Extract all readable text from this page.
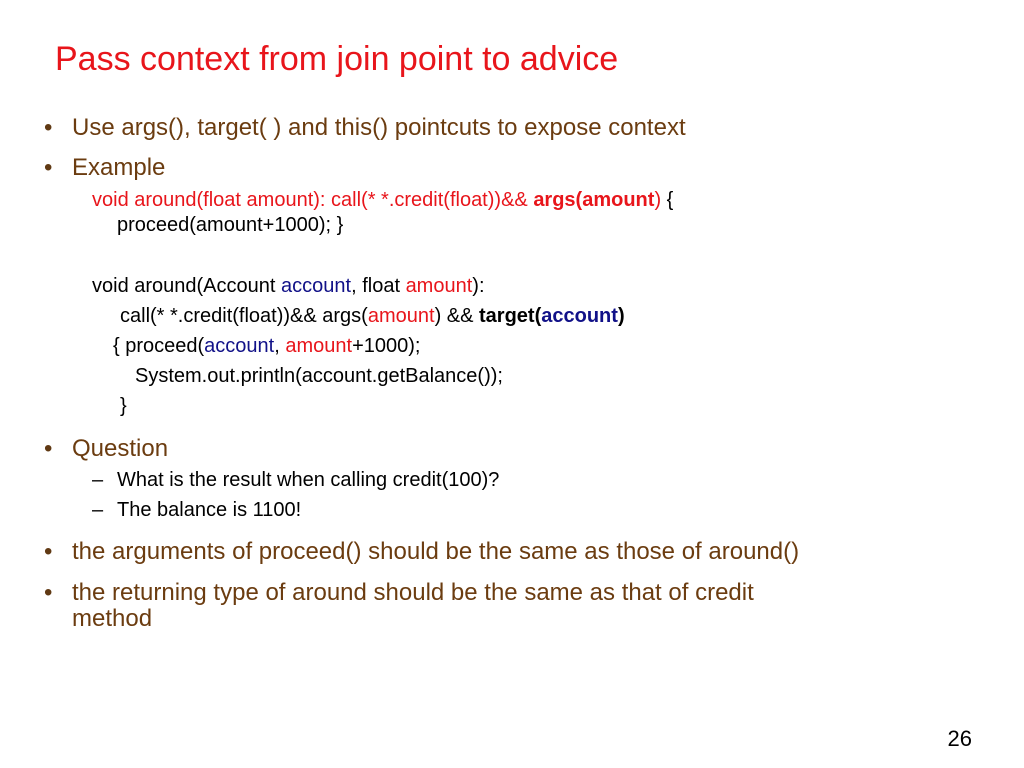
Pass context from join point to advice
• Use args(), target( ) and this() pointcuts to expose context
• Example
void around(float amount): call(* *.credit(float))&& args(amount) {
proceed(amount+1000); }
void around(Account account, float amount):
call(* *.credit(float))&& args(amount) && target(account)
{ proceed(account, amount+1000);
System.out.println(account.getBalance());
}
• Question
– What is the result when calling credit(100)?
– The balance is 1100!
• the arguments of proceed() should be the same as those of around()
• the returning type of around should be the same as that of credit
method
26
